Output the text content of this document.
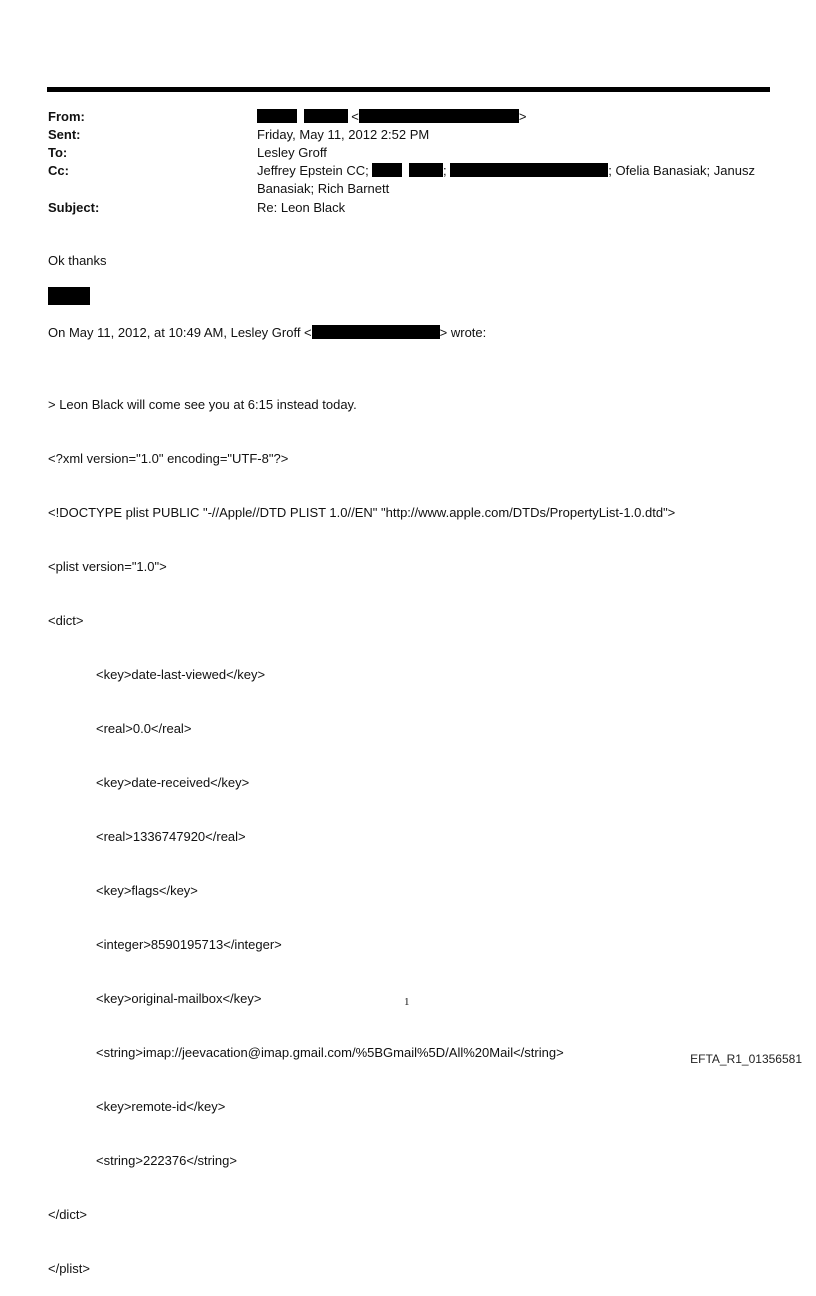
From:	<	>
Sent:	Friday, May 11, 2012 2:52 PM
To:	Lesley Groff
Cc:	Jeffrey Epstein CC;	;	; Ofelia Banasiak; Janusz
Banasiak; Rich Barnett
Subject:	Re: Leon Black
Ok thanks
On May 11, 2012, at 10:49 AM, Lesley Groff <	> wrote:

> Leon Black will come see you at 6:15 instead today.

<?xml version="1.0" encoding="UTF-8"?>

<!DOCTYPE plist PUBLIC "-//Apple//DTD PLIST 1.0//EN" "http://www.apple.com/DTDs/PropertyList-1.0.dtd">

<plist version="1.0">

<dict>

<key>date-last-viewed</key>

<real>0.0</real>

<key>date-received</key>

<real>1336747920</real>

<key>flags</key>

<integer>8590195713</integer>

<key>original-mailbox</key>

<string>imap://jeevacation@imap.gmail.com/%5BGmail%5D/All%20Mail</string>

<key>remote-id</key>

<string>222376</string>

</dict>

</plist>

1
EFTA_R1_01356581
